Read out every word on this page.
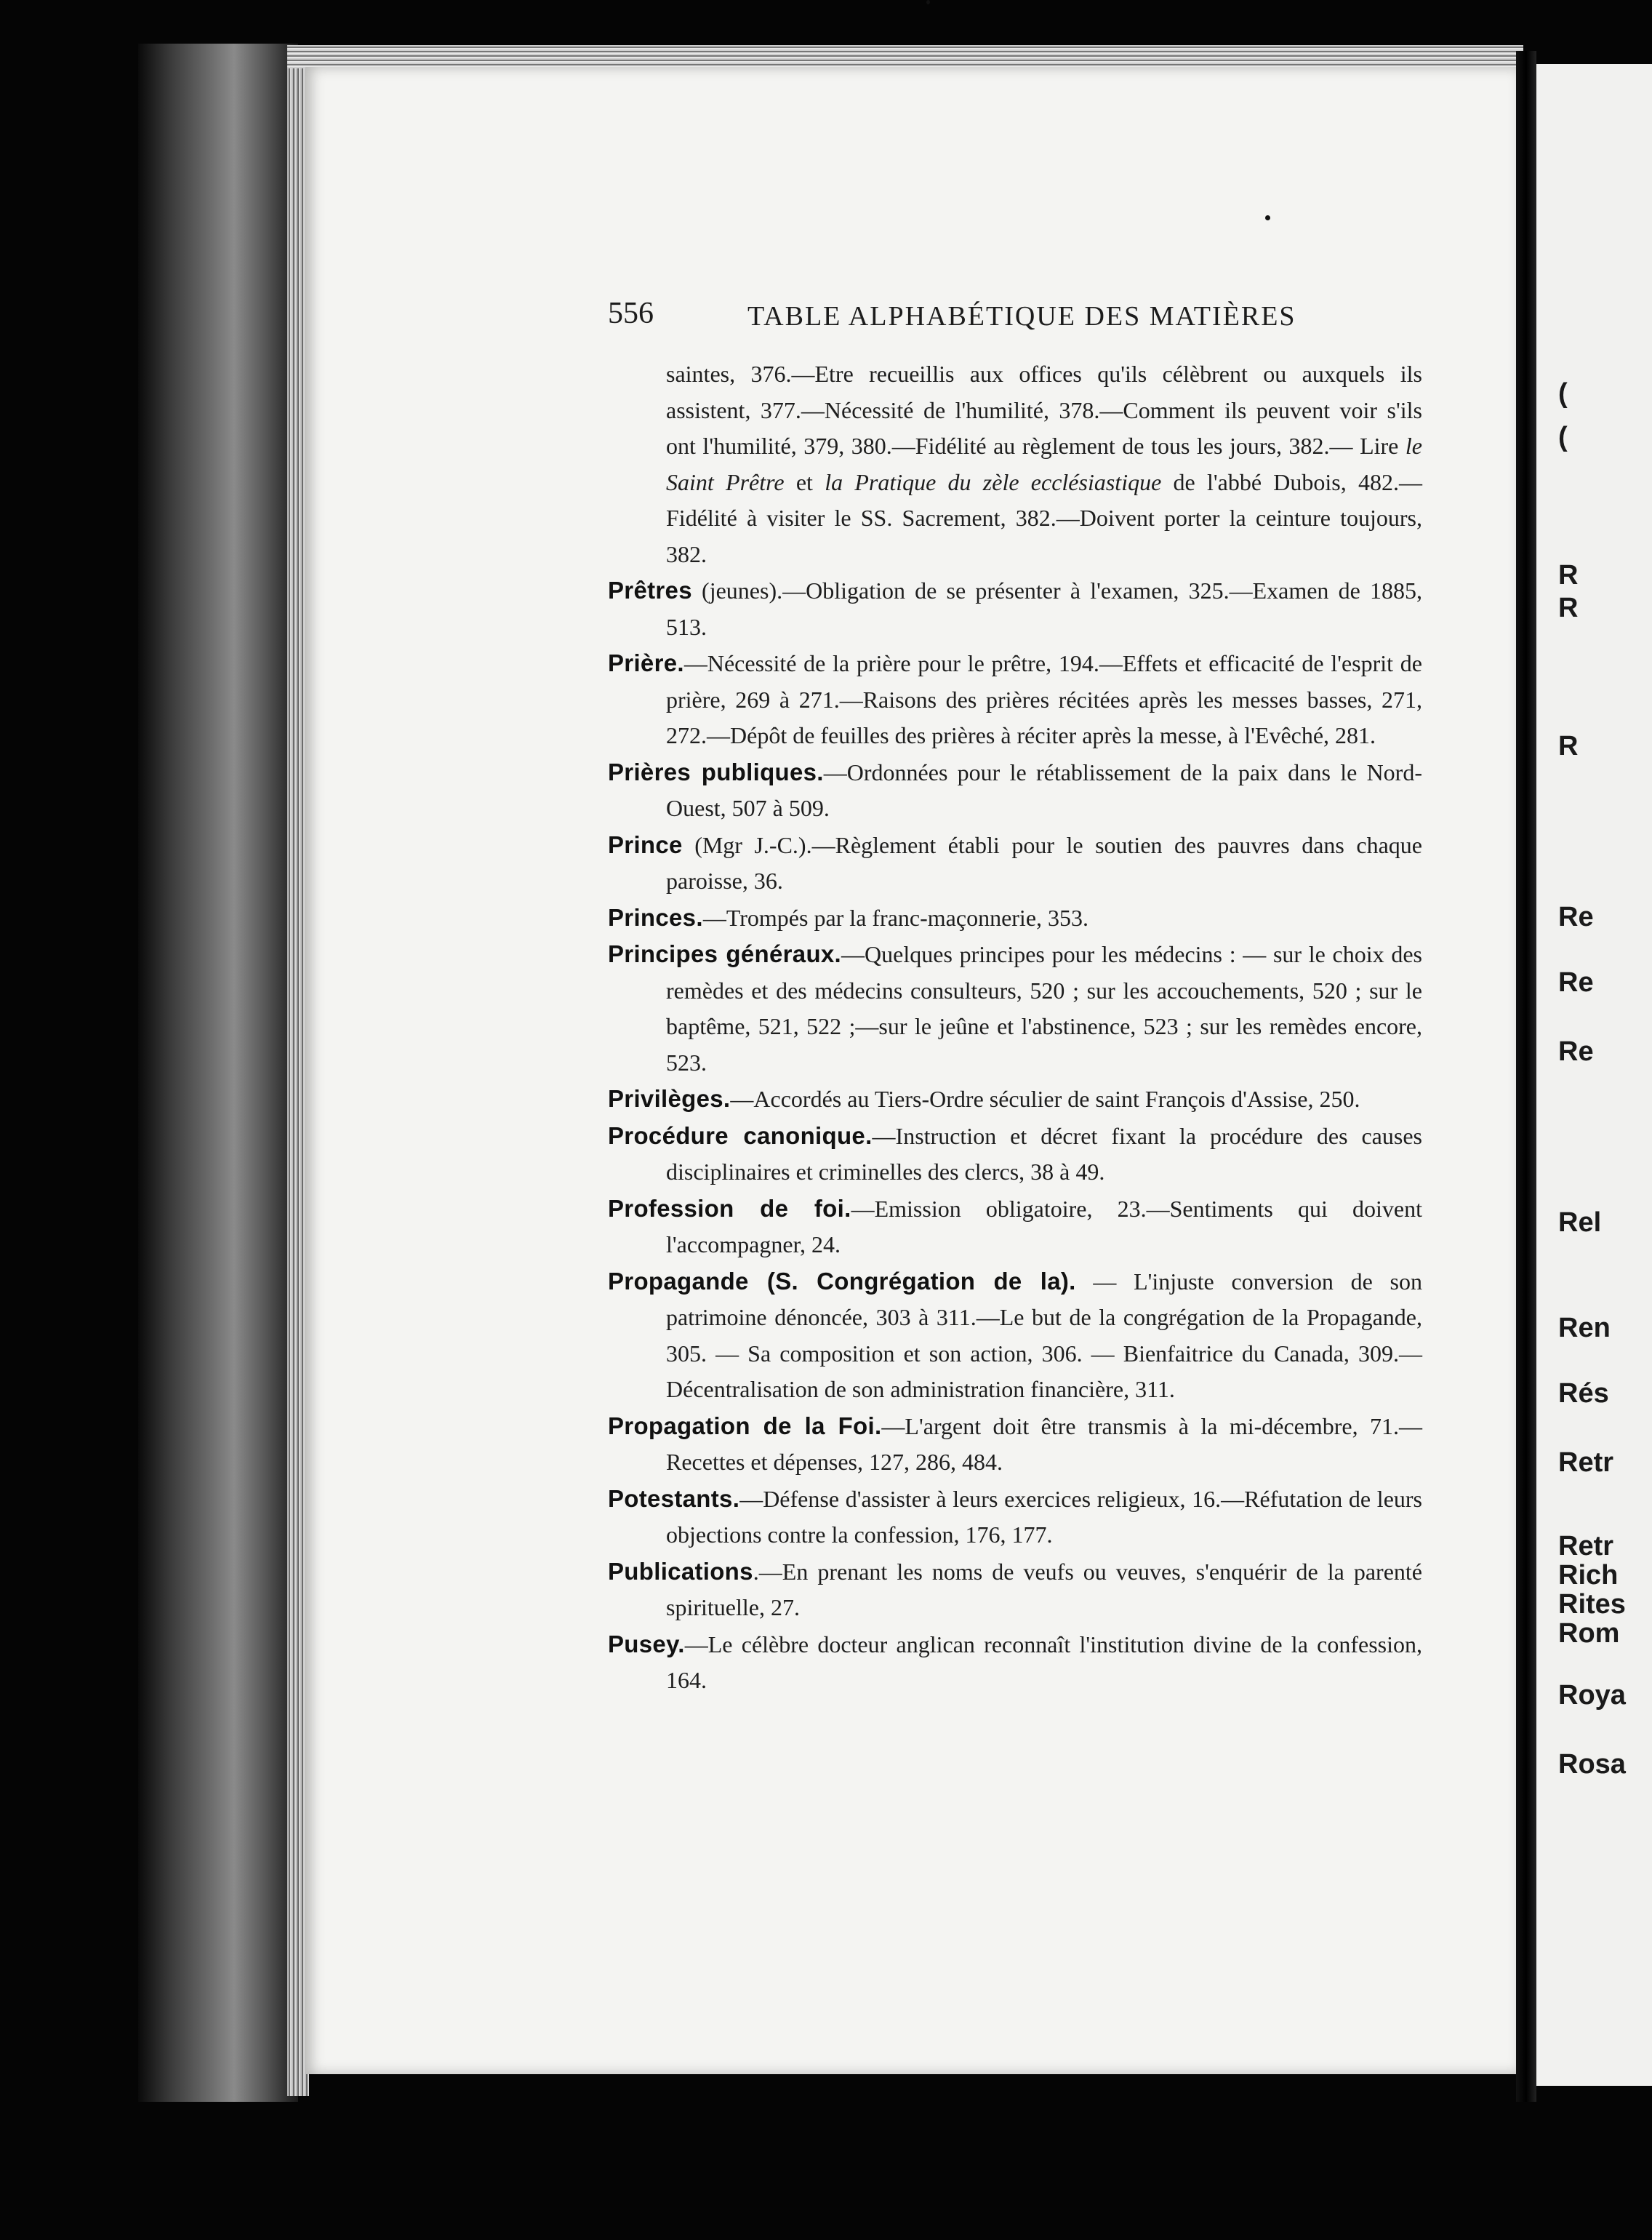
(

(

R

R

R

Re

Re

Re

Rel

Ren

Rés

Retr

Retr

Rich

Rites

Rom

Roya

Rosa

556	TABLE ALPHABÉTIQUE DES MATIÈRES

saintes, 376.—Etre recueillis aux offices qu'ils célèbrent ou auxquels ils assistent, 377.—Nécessité de l'humilité, 378.—Comment ils peuvent voir s'ils ont l'humilité, 379, 380.—Fidélité au règlement de tous les jours, 382.— Lire le Saint Prêtre et la Pratique du zèle ecclésiastique de l'abbé Dubois, 482.—Fidélité à visiter le SS. Sacrement, 382.—Doivent porter la ceinture toujours, 382.

Prêtres (jeunes).—Obligation de se présenter à l'examen, 325.—Examen de 1885, 513.

Prière.—Nécessité de la prière pour le prêtre, 194.—Effets et efficacité de l'esprit de prière, 269 à 271.—Raisons des prières récitées après les messes basses, 271, 272.—Dépôt de feuilles des prières à réciter après la messe, à l'Evêché, 281.

Prières publiques.—Ordonnées pour le rétablissement de la paix dans le Nord-Ouest, 507 à 509.

Prince (Mgr J.-C.).—Règlement établi pour le soutien des pauvres dans chaque paroisse, 36.

Princes.—Trompés par la franc-maçonnerie, 353.

Principes généraux.—Quelques principes pour les médecins : — sur le choix des remèdes et des médecins consulteurs, 520 ; sur les accouchements, 520 ; sur le baptême, 521, 522 ;—sur le jeûne et l'abstinence, 523 ; sur les remèdes encore, 523.

Privilèges.—Accordés au Tiers-Ordre séculier de saint François d'Assise, 250.

Procédure canonique.—Instruction et décret fixant la procédure des causes disciplinaires et criminelles des clercs, 38 à 49.

Profession de foi.—Emission obligatoire, 23.—Sentiments qui doivent l'accompagner, 24.

Propagande (S. Congrégation de la). — L'injuste conversion de son patrimoine dénoncée, 303 à 311.—Le but de la congrégation de la Propagande, 305. — Sa composition et son action, 306. — Bienfaitrice du Canada, 309.—Décentralisation de son administration financière, 311.

Propagation de la Foi.—L'argent doit être transmis à la mi-décembre, 71.—Recettes et dépenses, 127, 286, 484.

Potestants.—Défense d'assister à leurs exercices religieux, 16.—Réfutation de leurs objections contre la confession, 176, 177.

Publications.—En prenant les noms de veufs ou veuves, s'enquérir de la parenté spirituelle, 27.

Pusey.—Le célèbre docteur anglican reconnaît l'institution divine de la confession, 164.
